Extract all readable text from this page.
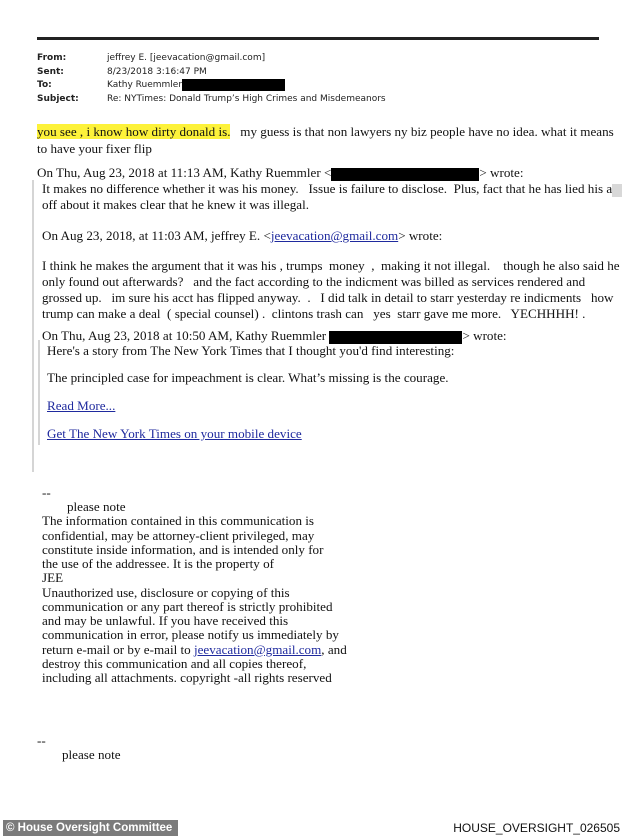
From:	jeffrey E. [jeevacation@gmail.com]
Sent:	8/23/2018 3:16:47 PM
To:	Kathy Ruemmler
Subject:	Re: NYTimes: Donald Trump’s High Crimes and Misdemeanors
you see , i know how dirty donald is.   my guess is that non lawyers ny biz people have no idea. what it means
to have your fixer flip
On Thu, Aug 23, 2018 at 11:13 AM, Kathy Ruemmler <	> wrote:
It makes no difference whether it was his money.   Issue is failure to disclose.  Plus, fact that he has lied his a
off about it makes clear that he knew it was illegal.
On Aug 23, 2018, at 11:03 AM, jeffrey E. <jeevacation@gmail.com> wrote:
I think he makes the argument that it was his , trumps  money  ,  making it not illegal.    though he also said he
only found out afterwards?   and the fact according to the indicment was billed as services rendered and
grossed up.   im sure his acct has flipped anyway.  .   I did talk in detail to starr yesterday re indicments   how
trump can make a deal  ( special counsel) .  clintons trash can   yes  starr gave me more.   YECHHHH! .
On Thu, Aug 23, 2018 at 10:50 AM, Kathy Ruemmler	> wrote:
Here's a story from The New York Times that I thought you'd find interesting:
The principled case for impeachment is clear. What’s missing is the courage.
Read More...
Get The New York Times on your mobile device
--
please note
The information contained in this communication is
confidential, may be attorney-client privileged, may
constitute inside information, and is intended only for
the use of the addressee. It is the property of
JEE
Unauthorized use, disclosure or copying of this
communication or any part thereof is strictly prohibited
and may be unlawful. If you have received this
communication in error, please notify us immediately by
return e-mail or by e-mail to jeevacation@gmail.com, and
destroy this communication and all copies thereof,
including all attachments. copyright -all rights reserved
--
please note
© House Oversight Committee	HOUSE_OVERSIGHT_026505
